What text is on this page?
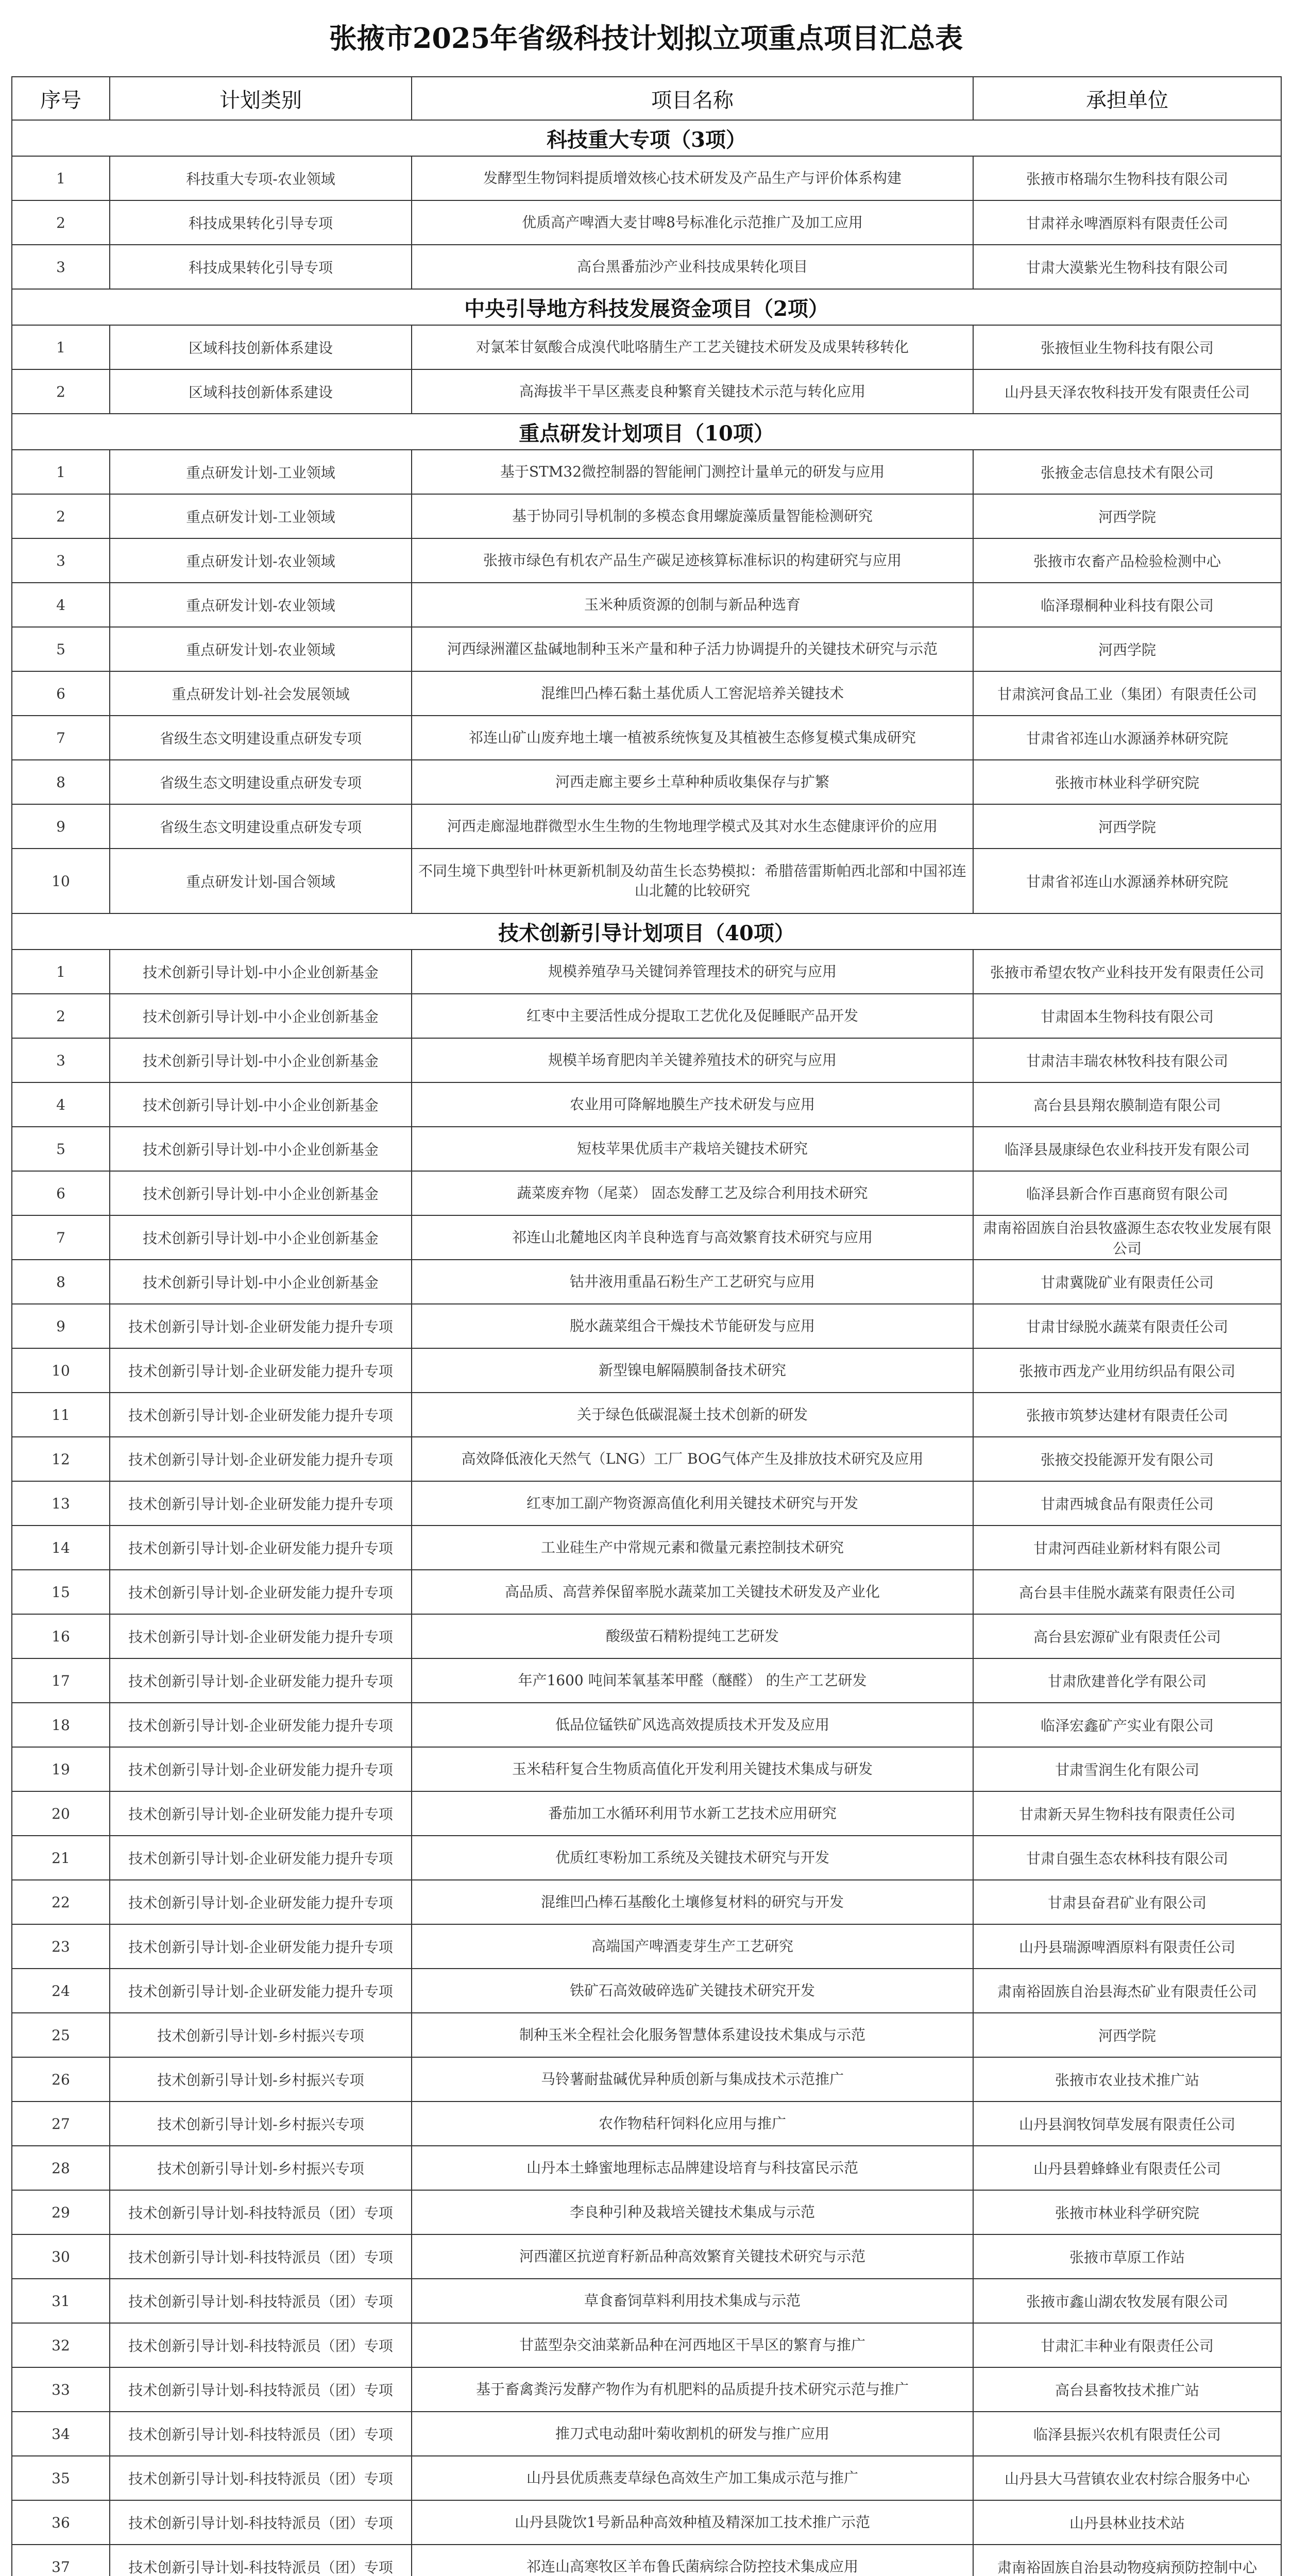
张掖市2025年省级科技计划拟立项重点项目汇总表
序号	计划类别	项目名称	承担单位
科技重大专项（3项）			
1	科技重大专项-农业领域	发酵型生物饲料提质增效核心技术研发及产品生产与评价体系构建	张掖市格瑞尔生物科技有限公司
2	科技成果转化引导专项	优质高产啤酒大麦甘啤8号标准化示范推广及加工应用	甘肃祥永啤酒原料有限责任公司
3	科技成果转化引导专项	高台黑番茄沙产业科技成果转化项目	甘肃大漠紫光生物科技有限公司
中央引导地方科技发展资金项目（2项）			
1	区域科技创新体系建设	对氯苯甘氨酸合成溴代吡咯腈生产工艺关键技术研发及成果转移转化	张掖恒业生物科技有限公司
2	区域科技创新体系建设	高海拔半干旱区燕麦良种繁育关键技术示范与转化应用	山丹县天泽农牧科技开发有限责任公司
重点研发计划项目（10项）			
1	重点研发计划-工业领域	基于STM32微控制器的智能闸门测控计量单元的研发与应用	张掖金志信息技术有限公司
2	重点研发计划-工业领域	基于协同引导机制的多模态食用螺旋藻质量智能检测研究	河西学院
3	重点研发计划-农业领域	张掖市绿色有机农产品生产碳足迹核算标准标识的构建研究与应用	张掖市农畜产品检验检测中心
4	重点研发计划-农业领域	玉米种质资源的创制与新品种选育	临泽璟桐种业科技有限公司
5	重点研发计划-农业领域	河西绿洲灌区盐碱地制种玉米产量和种子活力协调提升的关键技术研究与示范	河西学院
6	重点研发计划-社会发展领域	混维凹凸棒石黏土基优质人工窖泥培养关键技术	甘肃滨河食品工业（集团）有限责任公司
7	省级生态文明建设重点研发专项	祁连山矿山废弃地土壤一植被系统恢复及其植被生态修复模式集成研究	甘肃省祁连山水源涵养林研究院
8	省级生态文明建设重点研发专项	河西走廊主要乡土草种种质收集保存与扩繁	张掖市林业科学研究院
9	省级生态文明建设重点研发专项	河西走廊湿地群微型水生生物的生物地理学模式及其对水生态健康评价的应用	河西学院
10	重点研发计划-国合领域	不同生境下典型针叶林更新机制及幼苗生长态势模拟：希腊蓓雷斯帕西北部和中国祁连山北麓的比较研究	甘肃省祁连山水源涵养林研究院
技术创新引导计划项目（40项）			
1	技术创新引导计划-中小企业创新基金	规模养殖孕马关键饲养管理技术的研究与应用	张掖市希望农牧产业科技开发有限责任公司
2	技术创新引导计划-中小企业创新基金	红枣中主要活性成分提取工艺优化及促睡眠产品开发	甘肃固本生物科技有限公司
3	技术创新引导计划-中小企业创新基金	规模羊场育肥肉羊关键养殖技术的研究与应用	甘肃洁丰瑞农林牧科技有限公司
4	技术创新引导计划-中小企业创新基金	农业用可降解地膜生产技术研发与应用	高台县县翔农膜制造有限公司
5	技术创新引导计划-中小企业创新基金	短枝苹果优质丰产栽培关键技术研究	临泽县晟康绿色农业科技开发有限公司
6	技术创新引导计划-中小企业创新基金	蔬菜废弃物（尾菜） 固态发酵工艺及综合利用技术研究	临泽县新合作百惠商贸有限公司
7	技术创新引导计划-中小企业创新基金	祁连山北麓地区肉羊良种选育与高效繁育技术研究与应用	肃南裕固族自治县牧盛源生态农牧业发展有限公司
8	技术创新引导计划-中小企业创新基金	钴井液用重晶石粉生产工艺研究与应用	甘肃冀陇矿业有限责任公司
9	技术创新引导计划-企业研发能力提升专项	脱水蔬菜组合干燥技术节能研发与应用	甘肃甘绿脱水蔬菜有限责任公司
10	技术创新引导计划-企业研发能力提升专项	新型镍电解隔膜制备技术研究	张掖市西龙产业用纺织品有限公司
11	技术创新引导计划-企业研发能力提升专项	关于绿色低碳混凝土技术创新的研发	张掖市筑梦达建材有限责任公司
12	技术创新引导计划-企业研发能力提升专项	高效降低液化天然气（LNG）工厂 BOG气体产生及排放技术研究及应用	张掖交投能源开发有限公司
13	技术创新引导计划-企业研发能力提升专项	红枣加工副产物资源高值化利用关键技术研究与开发	甘肃西城食品有限责任公司
14	技术创新引导计划-企业研发能力提升专项	工业硅生产中常规元素和微量元素控制技术研究	甘肃河西硅业新材料有限公司
15	技术创新引导计划-企业研发能力提升专项	高品质、高营养保留率脱水蔬菜加工关键技术研发及产业化	高台县丰佳脱水蔬菜有限责任公司
16	技术创新引导计划-企业研发能力提升专项	酸级萤石精粉提纯工艺研发	高台县宏源矿业有限责任公司
17	技术创新引导计划-企业研发能力提升专项	年产1600 吨间苯氧基苯甲醛（醚醛） 的生产工艺研发	甘肃欣建普化学有限公司
18	技术创新引导计划-企业研发能力提升专项	低品位锰铁矿风选高效提质技术开发及应用	临泽宏鑫矿产实业有限公司
19	技术创新引导计划-企业研发能力提升专项	玉米秸秆复合生物质高值化开发利用关键技术集成与研发	甘肃雪润生化有限公司
20	技术创新引导计划-企业研发能力提升专项	番茄加工水循环利用节水新工艺技术应用研究	甘肃新天昇生物科技有限责任公司
21	技术创新引导计划-企业研发能力提升专项	优质红枣粉加工系统及关键技术研究与开发	甘肃自强生态农林科技有限公司
22	技术创新引导计划-企业研发能力提升专项	混维凹凸棒石基酸化土壤修复材料的研究与开发	甘肃县奋君矿业有限公司
23	技术创新引导计划-企业研发能力提升专项	高端国产啤酒麦芽生产工艺研究	山丹县瑞源啤酒原料有限责任公司
24	技术创新引导计划-企业研发能力提升专项	铁矿石高效破碎选矿关键技术研究开发	肃南裕固族自治县海杰矿业有限责任公司
25	技术创新引导计划-乡村振兴专项	制种玉米全程社会化服务智慧体系建设技术集成与示范	河西学院
26	技术创新引导计划-乡村振兴专项	马铃薯耐盐碱优异种质创新与集成技术示范推广	张掖市农业技术推广站
27	技术创新引导计划-乡村振兴专项	农作物秸秆饲料化应用与推广	山丹县润牧饲草发展有限责任公司
28	技术创新引导计划-乡村振兴专项	山丹本土蜂蜜地理标志品牌建设培育与科技富民示范	山丹县碧蜂蜂业有限责任公司
29	技术创新引导计划-科技特派员（团）专项	李良种引种及栽培关键技术集成与示范	张掖市林业科学研究院
30	技术创新引导计划-科技特派员（团）专项	河西灌区抗逆育籽新品种高效繁育关键技术研究与示范	张掖市草原工作站
31	技术创新引导计划-科技特派员（团）专项	草食畜饲草料利用技术集成与示范	张掖市鑫山湖农牧发展有限公司
32	技术创新引导计划-科技特派员（团）专项	甘蓝型杂交油菜新品种在河西地区干旱区的繁育与推广	甘肃汇丰种业有限责任公司
33	技术创新引导计划-科技特派员（团）专项	基于畜禽粪污发酵产物作为有机肥料的品质提升技术研究示范与推广	高台县畜牧技术推广站
34	技术创新引导计划-科技特派员（团）专项	推刀式电动甜叶菊收割机的研发与推广应用	临泽县振兴农机有限责任公司
35	技术创新引导计划-科技特派员（团）专项	山丹县优质燕麦草绿色高效生产加工集成示范与推广	山丹县大马营镇农业农村综合服务中心
36	技术创新引导计划-科技特派员（团）专项	山丹县陇饮1号新品种高效种植及精深加工技术推广示范	山丹县林业技术站
37	技术创新引导计划-科技特派员（团）专项	祁连山高寒牧区羊布鲁氏菌病综合防控技术集成应用	肃南裕固族自治县动物疫病预防控制中心
